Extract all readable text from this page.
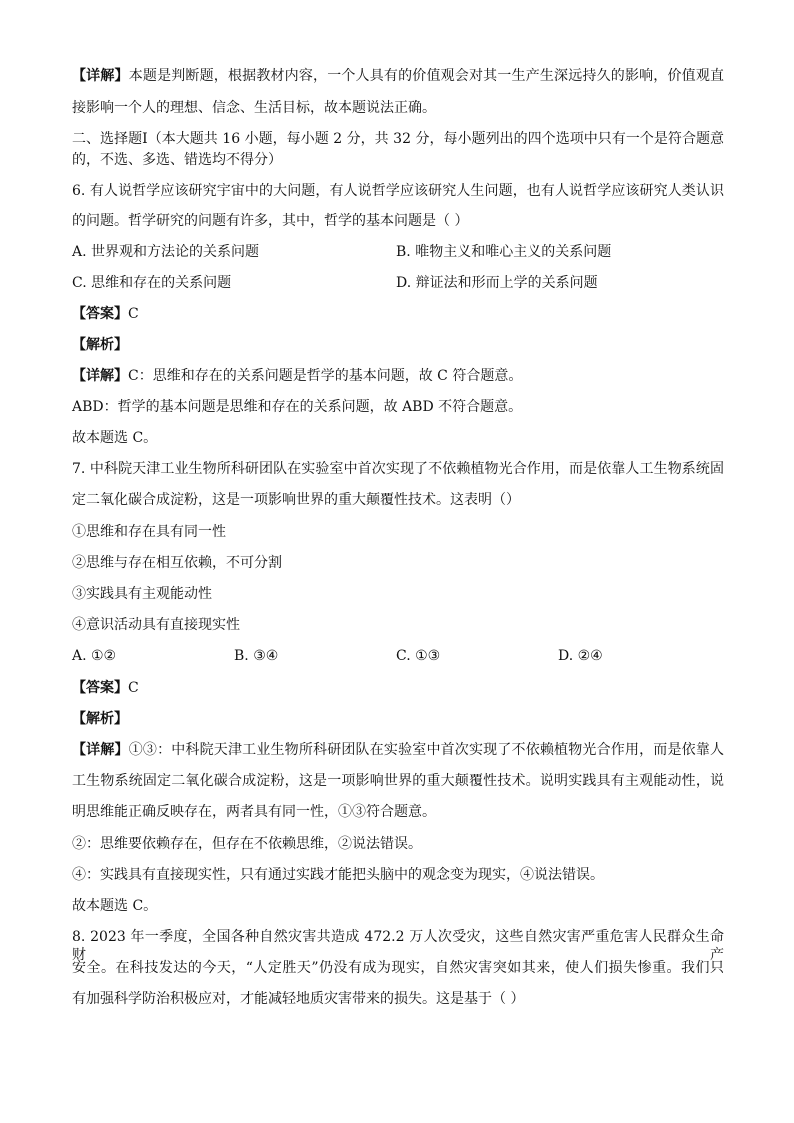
【详解】本题是判断题，根据教材内容，一个人具有的价值观会对其一生产生深远持久的影响，价值观直
接影响一个人的理想、信念、生活目标，故本题说法正确。
二、选择题Ⅰ（本大题共 16 小题，每小题 2 分，共 32 分，每小题列出的四个选项中只有一个是符合题意
的，不选、多选、错选均不得分）
6. 有人说哲学应该研究宇宙中的大问题，有人说哲学应该研究人生问题，也有人说哲学应该研究人类认识
的问题。哲学研究的问题有许多，其中，哲学的基本问题是（ ）
A. 世界观和方法论的关系问题	B. 唯物主义和唯心主义的关系问题
C. 思维和存在的关系问题	D. 辩证法和形而上学的关系问题
【答案】C
【解析】
【详解】C：思维和存在的关系问题是哲学的基本问题，故 C 符合题意。
ABD：哲学的基本问题是思维和存在的关系问题，故 ABD 不符合题意。
故本题选 C。
7. 中科院天津工业生物所科研团队在实验室中首次实现了不依赖植物光合作用，而是依靠人工生物系统固
定二氧化碳合成淀粉，这是一项影响世界的重大颠覆性技术。这表明（）
①思维和存在具有同一性
②思维与存在相互依赖，不可分割
③实践具有主观能动性
④意识活动具有直接现实性
A. ①②	B. ③④	C. ①③	D. ②④
【答案】C
【解析】
【详解】①③：中科院天津工业生物所科研团队在实验室中首次实现了不依赖植物光合作用，而是依靠人
工生物系统固定二氧化碳合成淀粉，这是一项影响世界的重大颠覆性技术。说明实践具有主观能动性，说
明思维能正确反映存在，两者具有同一性，①③符合题意。
②：思维要依赖存在，但存在不依赖思维，②说法错误。
④：实践具有直接现实性，只有通过实践才能把头脑中的观念变为现实，④说法错误。
故本题选 C。
8. 2023 年一季度，全国各种自然灾害共造成 472.2 万人次受灾，这些自然灾害严重危害人民群众生命财产
安全。在科技发达的今天，“人定胜天”仍没有成为现实，自然灾害突如其来，使人们损失惨重。我们只
有加强科学防治积极应对，才能减轻地质灾害带来的损失。这是基于（ ）
